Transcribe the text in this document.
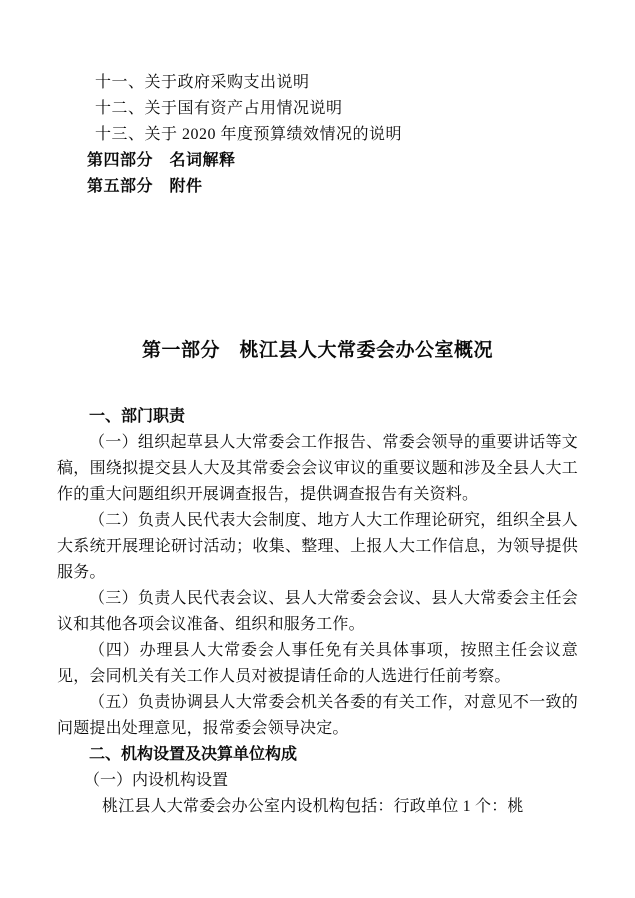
十一、关于政府采购支出说明
十二、关于国有资产占用情况说明
十三、关于 2020 年度预算绩效情况的说明
第四部分　名词解释
第五部分　附件
第一部分　桃江县人大常委会办公室概况
一、部门职责

（一）组织起草县人大常委会工作报告、常委会领导的重要讲话等文稿，围绕拟提交县人大及其常委会会议审议的重要议题和涉及全县人大工作的重大问题组织开展调查报告，提供调查报告有关资料。

（二）负责人民代表大会制度、地方人大工作理论研究，组织全县人大系统开展理论研讨活动；收集、整理、上报人大工作信息，为领导提供服务。

（三）负责人民代表会议、县人大常委会会议、县人大常委会主任会议和其他各项会议准备、组织和服务工作。

（四）办理县人大常委会人事任免有关具体事项，按照主任会议意见，会同机关有关工作人员对被提请任命的人选进行任前考察。

（五）负责协调县人大常委会机关各委的有关工作，对意见不一致的问题提出处理意见，报常委会领导决定。

二、机构设置及决算单位构成
（一）内设机构设置

桃江县人大常委会办公室内设机构包括：行政单位 1 个：桃
